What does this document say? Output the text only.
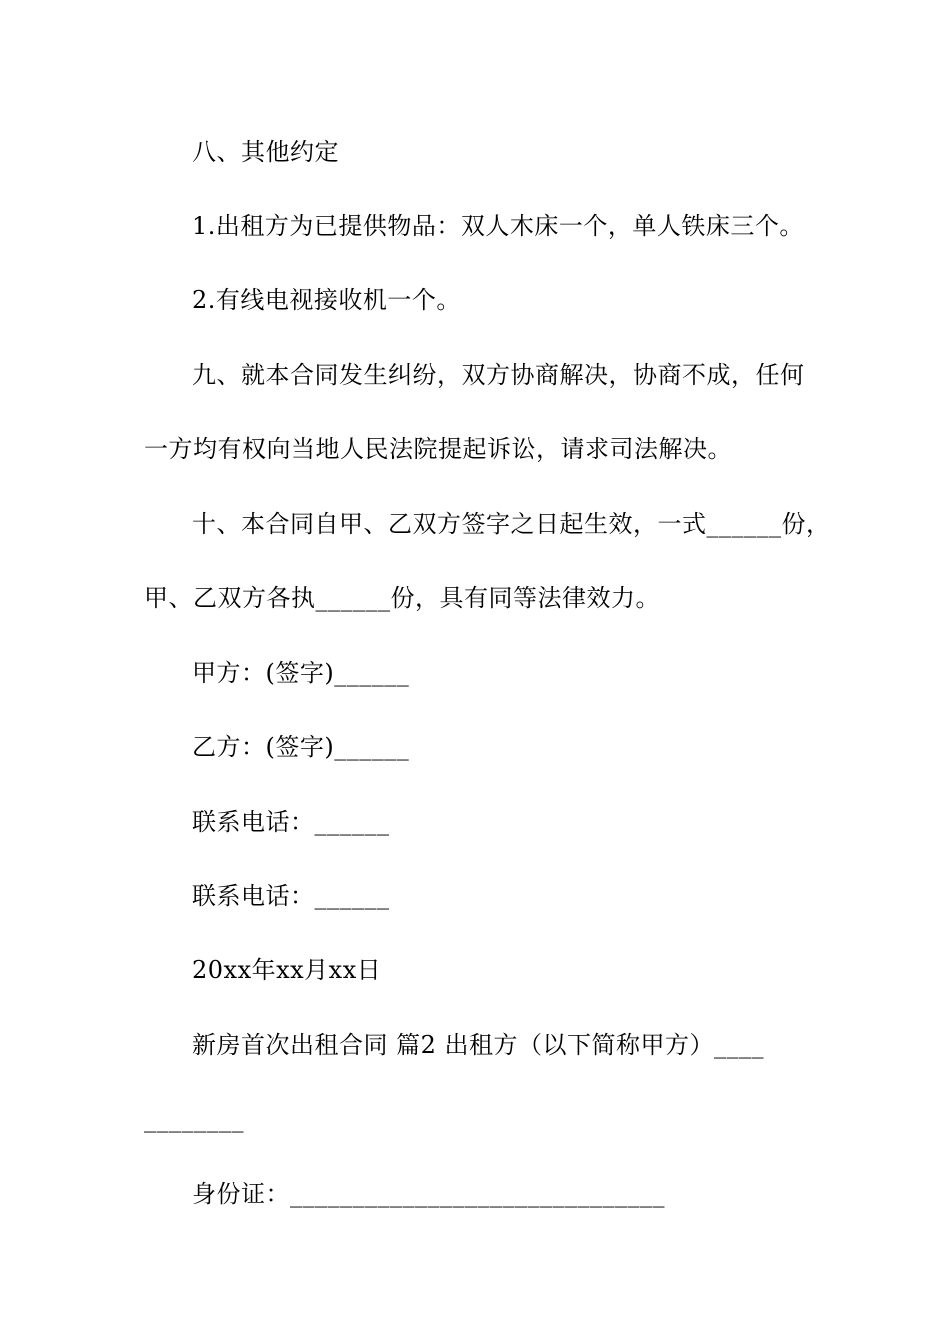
八、其他约定
1.出租方为已提供物品：双人木床一个，单人铁床三个。
2.有线电视接收机一个。
九、就本合同发生纠纷，双方协商解决，协商不成，任何
一方均有权向当地人民法院提起诉讼，请求司法解决。
十、本合同自甲、乙双方签字之日起生效，一式______份，
甲、乙双方各执______份，具有同等法律效力。
甲方：(签字)______
乙方：(签字)______
联系电话：______
联系电话：______
20xx年xx月xx日
新房首次出租合同 篇2 出租方（以下简称甲方）____
________
身份证：______________________________
